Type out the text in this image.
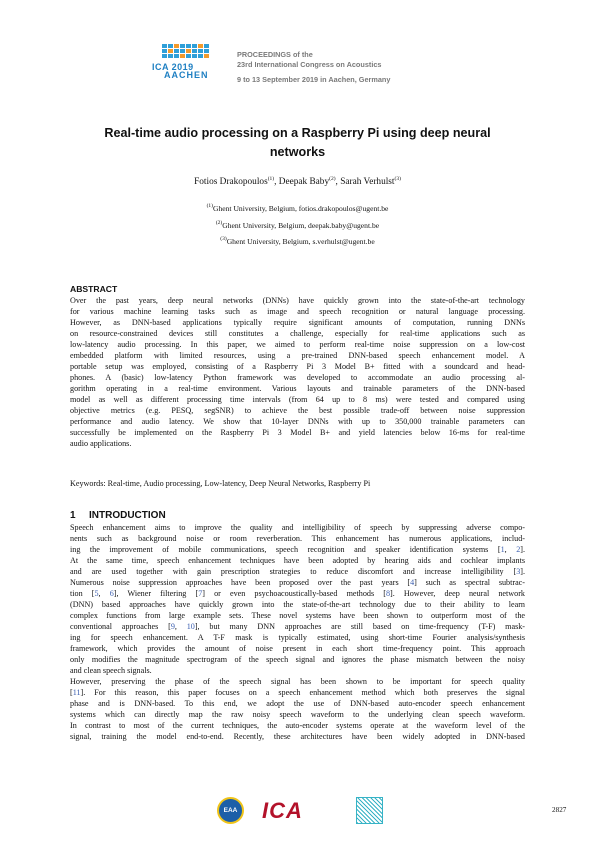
ICA 2019
AACHEN
PROCEEDINGS of the
23rd International Congress on Acoustics
9 to 13 September 2019 in Aachen, Germany
Real-time audio processing on a Raspberry Pi using deep neural
networks
Fotios Drakopoulos$^{(1)}$, Deepak Baby$^{(2)}$, Sarah Verhulst$^{(3)}$
$^{(1)}$Ghent University, Belgium, fotios.drakopoulos@ugent.be
$^{(2)}$Ghent University, Belgium, deepak.baby@ugent.be
$^{(3)}$Ghent University, Belgium, s.verhulst@ugent.be
ABSTRACT
Over the past years, deep neural networks (DNNs) have quickly grown into the state-of-the-art technology
for various machine learning tasks such as image and speech recognition or natural language processing.
However, as DNN-based applications typically require significant amounts of computation, running DNNs
on resource-constrained devices still constitutes a challenge, especially for real-time applications such as
low-latency audio processing. In this paper, we aimed to perform real-time noise suppression on a low-cost
embedded platform with limited resources, using a pre-trained DNN-based speech enhancement model. A
portable setup was employed, consisting of a Raspberry Pi 3 Model B+ fitted with a soundcard and head-
phones. A (basic) low-latency Python framework was developed to accommodate an audio processing al-
gorithm operating in a real-time environment. Various layouts and trainable parameters of the DNN-based
model as well as different processing time intervals (from 64 up to 8 ms) were tested and compared using
objective metrics (e.g. PESQ, segSNR) to achieve the best possible trade-off between noise suppression
performance and audio latency. We show that 10-layer DNNs with up to 350,000 trainable parameters can
successfully be implemented on the Raspberry Pi 3 Model B+ and yield latencies below 16-ms for real-time
audio applications.
Keywords: Real-time, Audio processing, Low-latency, Deep Neural Networks, Raspberry Pi
1 INTRODUCTION
Speech enhancement aims to improve the quality and intelligibility of speech by suppressing adverse compo-
nents such as background noise or room reverberation. This enhancement has numerous applications, includ-
ing the improvement of mobile communications, speech recognition and speaker identification systems [1, 2].
At the same time, speech enhancement techniques have been adopted by hearing aids and cochlear implants
and are used together with gain prescription strategies to reduce discomfort and increase intelligibility [3].
Numerous noise suppression approaches have been proposed over the past years [4] such as spectral subtrac-
tion [5, 6], Wiener filtering [7] or even psychoacoustically-based methods [8]. However, deep neural network
(DNN) based approaches have quickly grown into the state-of-the-art technology due to their ability to learn
complex functions from large example sets. These novel systems have been shown to outperform most of the
conventional approaches [9, 10], but many DNN approaches are still based on time-frequency (T-F) mask-
ing for speech enhancement. A T-F mask is typically estimated, using short-time Fourier analysis/synthesis
framework, which provides the amount of noise present in each short time-frequency point. This approach
only modifies the magnitude spectrogram of the speech signal and ignores the phase mismatch between the noisy
and clean speech signals.
However, preserving the phase of the speech signal has been shown to be important for speech quality
[11]. For this reason, this paper focuses on a speech enhancement method which both preserves the signal
phase and is DNN-based. To this end, we adopt the use of DNN-based auto-encoder speech enhancement
systems which can directly map the raw noisy speech waveform to the underlying clean speech waveform.
In contrast to most of the current techniques, the auto-encoder systems operate at the waveform level of the
signal, training the model end-to-end. Recently, these architectures have been widely adopted in DNN-based
EAA	ICA	2827
